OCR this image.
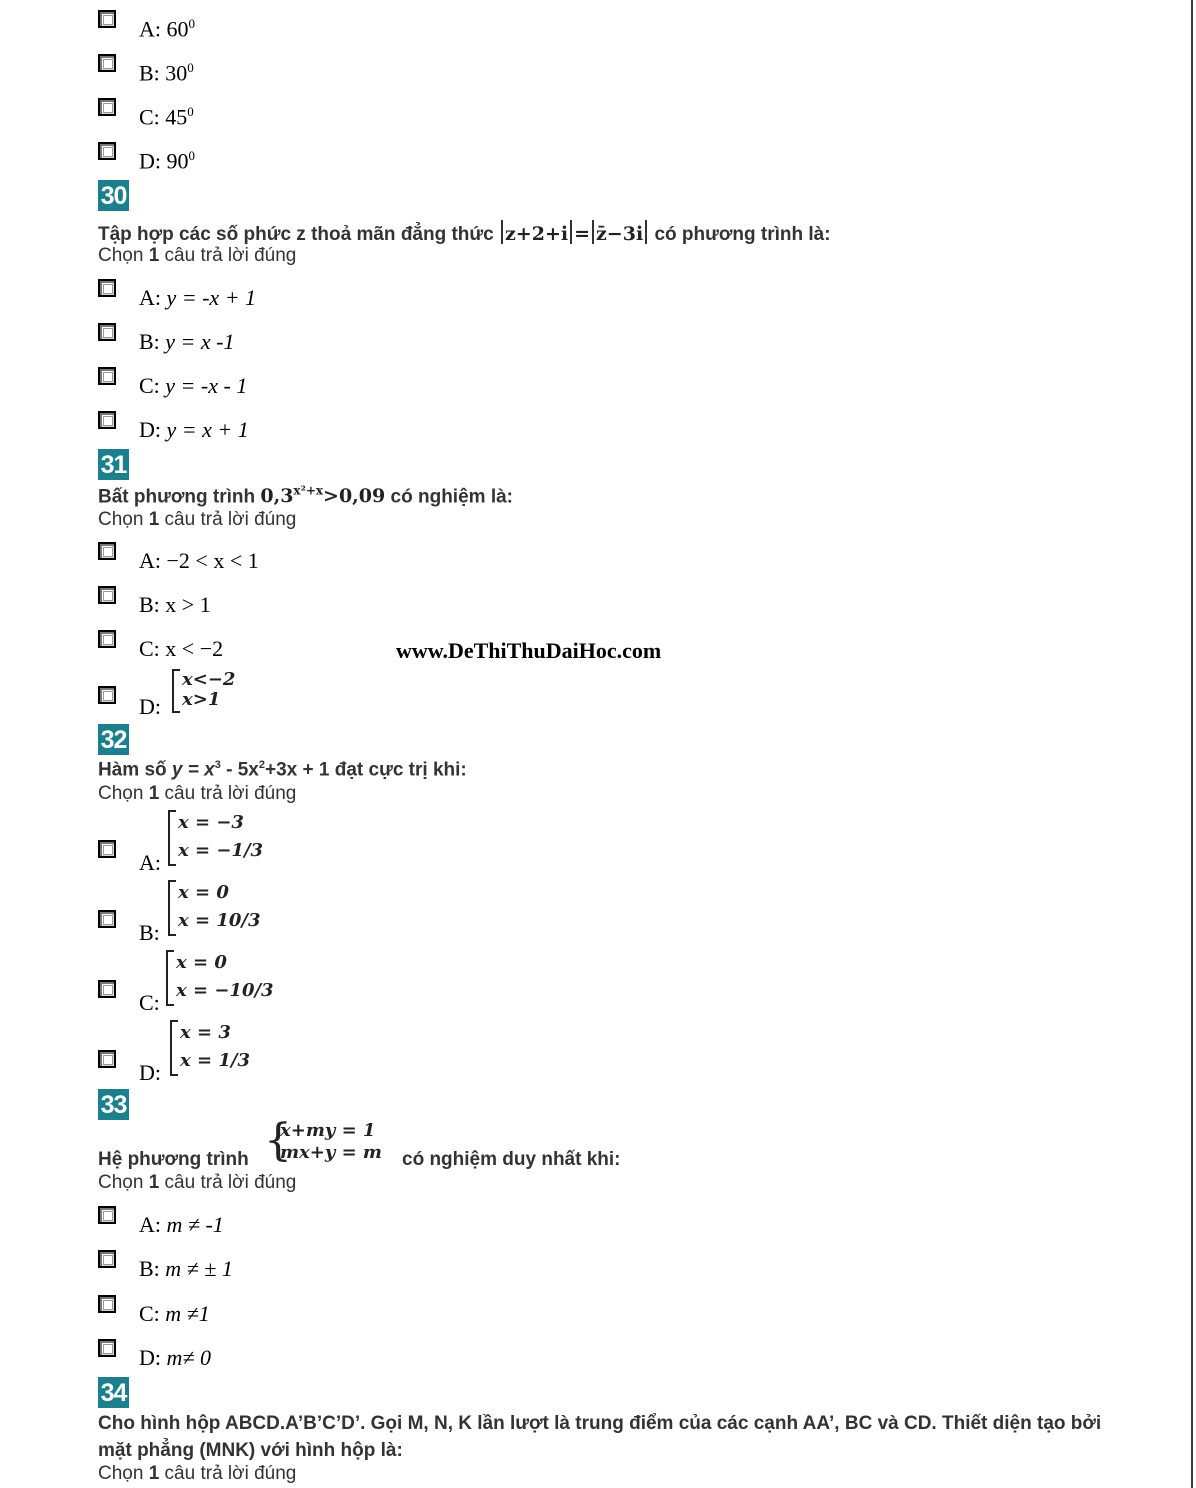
A: $60^0$
B: $30^0$
C: $45^0$
D: $90^0$
30
Tập hợp các số phức z thoả mãn đẳng thức z+2+i = z̄−3i có phương trình là:
Chọn 1 câu trả lời đúng
A: y = -x + 1
B: y = x -1
C: y = -x - 1
D: y = x + 1
31
Bất phương trình $0,3^{x^2+x}>0,09$ có nghiệm là:
Chọn 1 câu trả lời đúng
A: −2 < x < 1
B: x > 1
C: x < −2
D:
x<−2
x>1
www.DeThiThuDaiHoc.com
32
Hàm số $y = x^3 - 5x^2+3x + 1$ đạt cực trị khi:
Chọn 1 câu trả lời đúng
A:
x = −3
x = −1/3
B:
x = 0
x = 10/3
C:
x = 0
x = −10/3
D:
x = 3
x = 1/3
33
Hệ phương trình {
x+my = 1
mx+y = m có nghiệm duy nhất khi:
Chọn 1 câu trả lời đúng
A: m ≠ -1
B: m ≠ ± 1
C: m ≠1
D: m≠ 0
34
Cho hình hộp ABCD.A’B’C’D’. Gọi M, N, K lần lượt là trung điểm của các cạnh AA’, BC và CD. Thiết diện tạo bởi mặt phẳng (MNK) với hình hộp là:
Chọn 1 câu trả lời đúng
